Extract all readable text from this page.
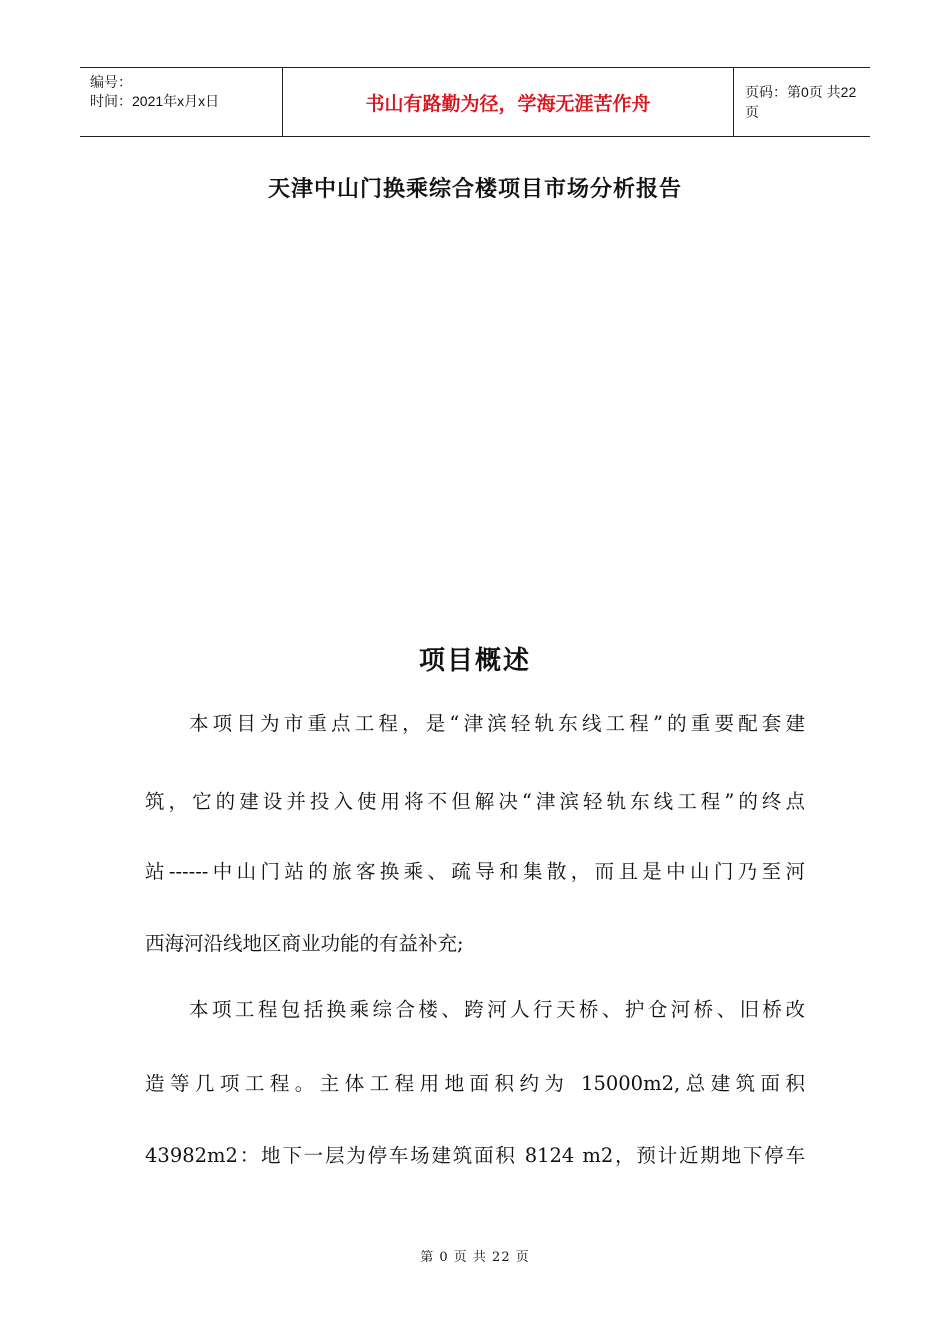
编号：
时间：2021年x月x日	书山有路勤为径，学海无涯苦作舟
页码：第0页 共22页
天津中山门换乘综合楼项目市场分析报告
项目概述
本项目为市重点工程，是“津滨轻轨东线工程”的重要配套建
筑，它的建设并投入使用将不但解决“津滨轻轨东线工程”的终点
站------中山门站的旅客换乘、疏导和集散，而且是中山门乃至河
西海河沿线地区商业功能的有益补充;
本项工程包括换乘综合楼、跨河人行天桥、护仓河桥、旧桥改
造等几项工程。主体工程用地面积约为 15000m2,总建筑面积
43982m2：地下一层为停车场建筑面积 8124 m2，预计近期地下停车
第 0 页 共 22 页
